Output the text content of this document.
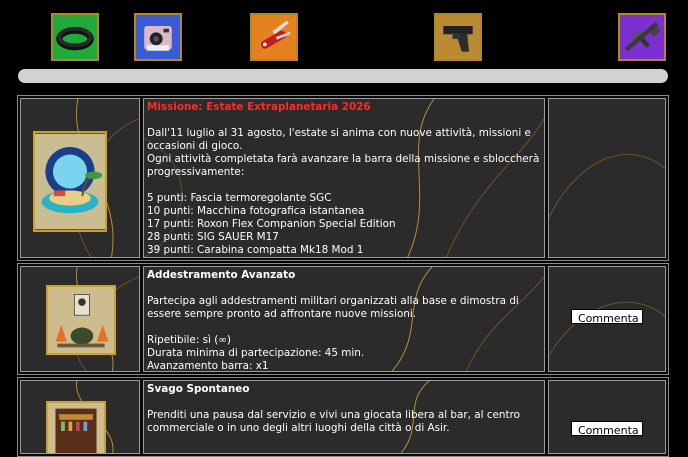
Missione: Estate Extraplanetaria 2026

Dall'11 luglio al 31 agosto, l'estate si anima con nuove attività, missioni e occasioni di gioco.

Ogni attività completata farà avanzare la barra della missione e sbloccherà progressivamente:

5 punti: Fascia termoregolante SGC

10 punti: Macchina fotografica istantanea

17 punti: Roxon Flex Companion Special Edition

28 punti: SIG SAUER M17

39 punti: Carabina compatta Mk18 Mod 1

Addestramento Avanzato

Partecipa agli addestramenti militari organizzati alla base e dimostra di essere sempre pronto ad affrontare nuove missioni.

Ripetibile: sì (∞)

Durata minima di partecipazione: 45 min.

Avanzamento barra: x1

Commenta

Svago Spontaneo

Prenditi una pausa dal servizio e vivi una giocata libera al bar, al centro commerciale o in uno degli altri luoghi della città o di Asir.	Commenta
